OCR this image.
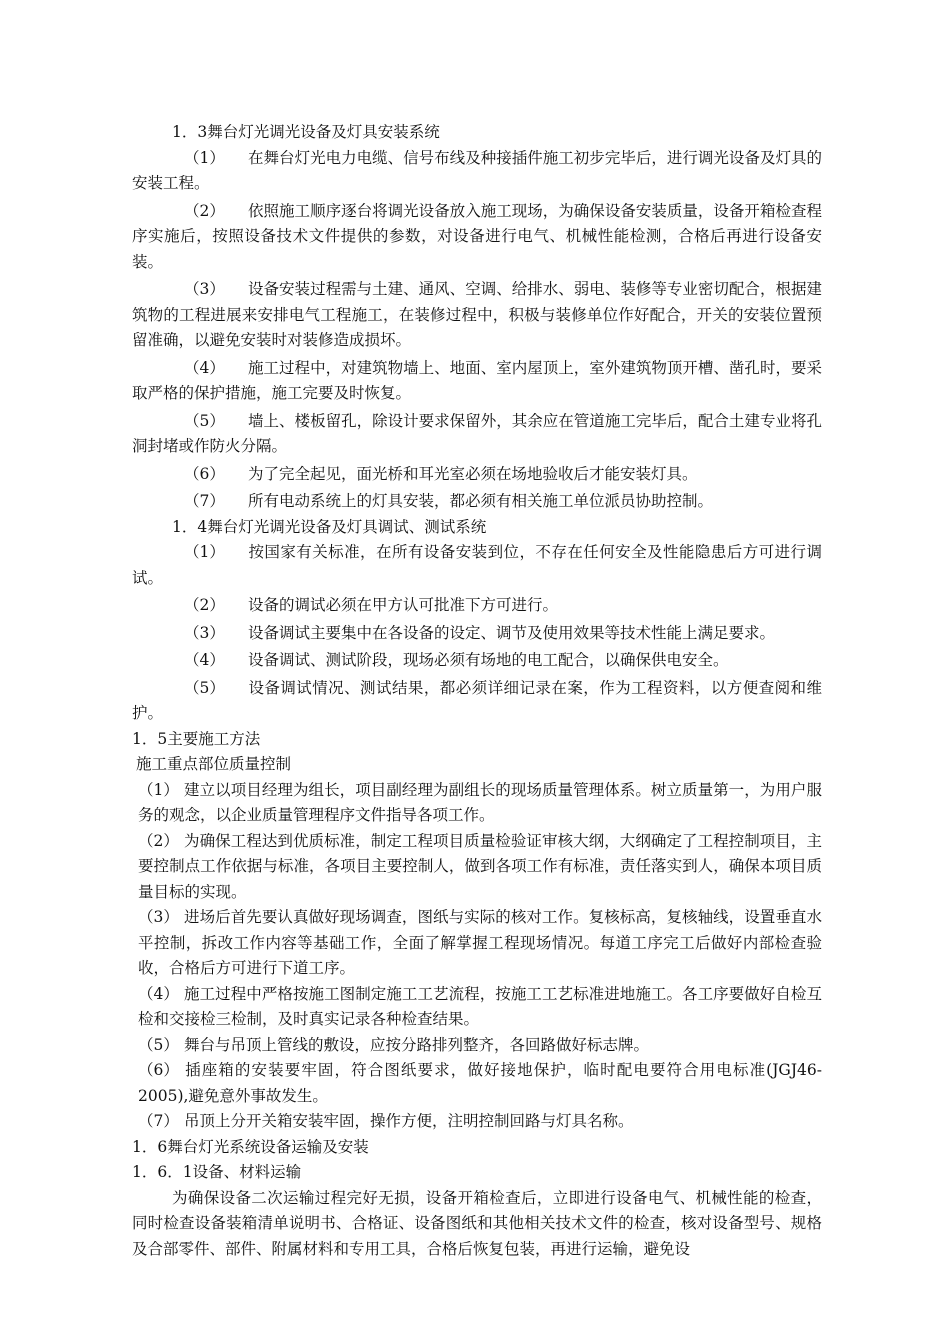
1．3舞台灯光调光设备及灯具安装系统

（1） 在舞台灯光电力电缆、信号布线及种接插件施工初步完毕后，进行调光设备及灯具的安装工程。

（2） 依照施工顺序逐台将调光设备放入施工现场，为确保设备安装质量，设备开箱检查程序实施后，按照设备技术文件提供的参数，对设备进行电气、机械性能检测，合格后再进行设备安装。

（3） 设备安装过程需与土建、通风、空调、给排水、弱电、装修等专业密切配合，根据建筑物的工程进展来安排电气工程施工，在装修过程中，积极与装修单位作好配合，开关的安装位置预留准确，以避免安装时对装修造成损坏。

（4） 施工过程中，对建筑物墙上、地面、室内屋顶上，室外建筑物顶开槽、凿孔时，要采取严格的保护措施，施工完要及时恢复。

（5） 墙上、楼板留孔，除设计要求保留外，其余应在管道施工完毕后，配合土建专业将孔洞封堵或作防火分隔。

（6） 为了完全起见，面光桥和耳光室必须在场地验收后才能安装灯具。

（7） 所有电动系统上的灯具安装，都必须有相关施工单位派员协助控制。

1．4舞台灯光调光设备及灯具调试、测试系统

（1） 按国家有关标准，在所有设备安装到位，不存在任何安全及性能隐患后方可进行调试。

（2） 设备的调试必须在甲方认可批准下方可进行。

（3） 设备调试主要集中在各设备的设定、调节及使用效果等技术性能上满足要求。

（4） 设备调试、测试阶段，现场必须有场地的电工配合，以确保供电安全。

（5） 设备调试情况、测试结果，都必须详细记录在案，作为工程资料，以方便查阅和维护。

1．5主要施工方法

施工重点部位质量控制

（1） 建立以项目经理为组长，项目副经理为副组长的现场质量管理体系。树立质量第一，为用户服务的观念，以企业质量管理程序文件指导各项工作。

（2） 为确保工程达到优质标准，制定工程项目质量检验证审核大纲，大纲确定了工程控制项目，主要控制点工作依据与标准，各项目主要控制人，做到各项工作有标准，责任落实到人，确保本项目质量目标的实现。

（3） 进场后首先要认真做好现场调查，图纸与实际的核对工作。复核标高，复核轴线，设置垂直水平控制，拆改工作内容等基础工作，全面了解掌握工程现场情况。每道工序完工后做好内部检查验收，合格后方可进行下道工序。

（4） 施工过程中严格按施工图制定施工工艺流程，按施工工艺标准进地施工。各工序要做好自检互检和交接检三检制，及时真实记录各种检查结果。

（5） 舞台与吊顶上管线的敷设，应按分路排列整齐，各回路做好标志牌。

（6） 插座箱的安装要牢固，符合图纸要求，做好接地保护，临时配电要符合用电标准(JGJ46-2005),避免意外事故发生。

（7） 吊顶上分开关箱安装牢固，操作方便，注明控制回路与灯具名称。

1．6舞台灯光系统设备运输及安装

1．6．1设备、材料运输

为确保设备二次运输过程完好无损，设备开箱检查后，立即进行设备电气、机械性能的检查，同时检查设备装箱清单说明书、合格证、设备图纸和其他相关技术文件的检查，核对设备型号、规格及合部零件、部件、附属材料和专用工具，合格后恢复包装，再进行运输，避免设
